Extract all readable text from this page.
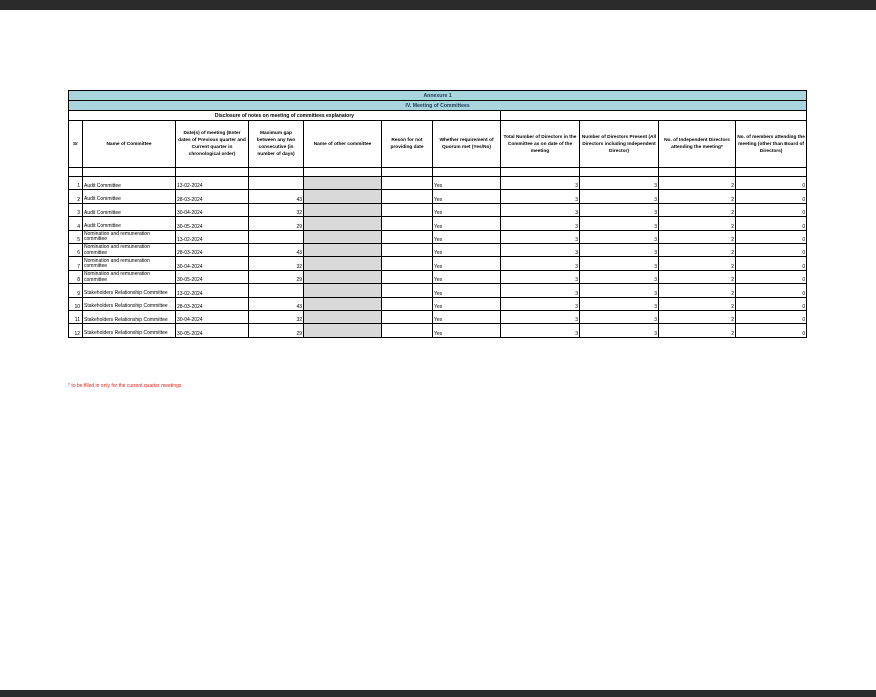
Annexure 1										
IV. Meeting of Committees										
Disclosure of notes on meeting of committees explanatory										
Sr	Name of Committee	Date(s) of meeting (Enter dates of Previous quarter and Current quarter in chronological order)	Maximum gap between any two consecutive (in number of days)	Name of other committee	Reson for not providing date	Whether requirement of Quorum met (Yes/No)	Total Number of Directors in the Committee as on date of the meeting	Number of Directors Present (All Directors including Independent Director)	No. of Independent Directors attending the meeting*	No. of members attending the meeting (other than Board of Directors)

1	Audit Committee	13-02-2024				Yes	3	3	2	0
2	Audit Committee	28-03-2024	43			Yes	3	3	2	0
3	Audit Committee	30-04-2024	32			Yes	3	3	2	0
4	Audit Committee	30-05-2024	29			Yes	3	3	2	0
5	Nomination and remuneration committee	13-02-2024				Yes	3	3	2	0
6	Nomination and remuneration committee	28-03-2024	43			Yes	3	3	2	0
7	Nomination and remuneration committee	30-04-2024	32			Yes	3	3	2	0
8	Nomination and remuneration committee	30-05-2024	29			Yes	3	3	2	0
9	Stakeholders Relationship Committee	13-02-2024				Yes	3	3	2	0
10	Stakeholders Relationship Committee	28-03-2024	43			Yes	3	3	2	0
11	Stakeholders Relationship Committee	30-04-2024	32			Yes	3	3	2	0
12	Stakeholders Relationship Committee	30-05-2024	29			Yes	3	3	2	0
* to be filled in only for the current quarter meetings
